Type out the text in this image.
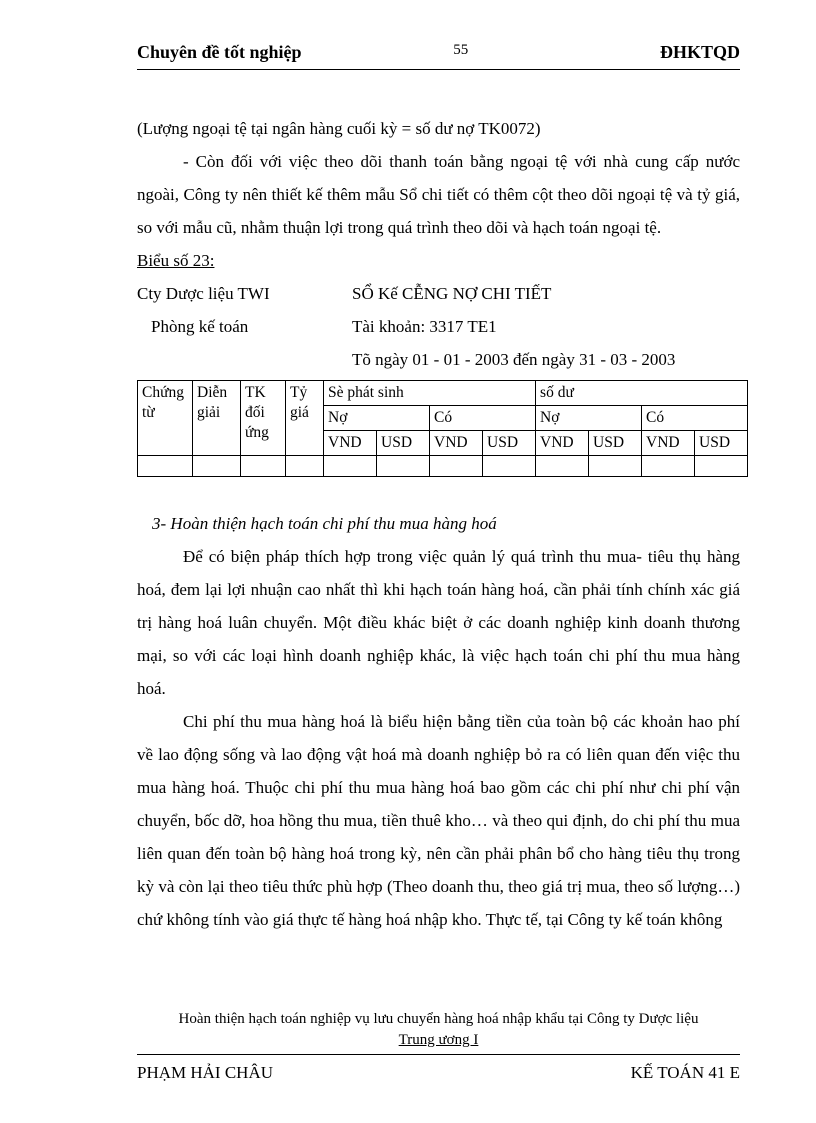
Chuyên đề tốt nghiệp	55	ĐHKTQD
(Lượng ngoại tệ tại ngân hàng cuối kỳ = số dư nợ TK0072)
- Còn đối với việc theo dõi thanh toán bằng ngoại tệ với nhà cung cấp nước ngoài, Công ty nên thiết kế thêm mẫu Sổ chi tiết có thêm cột theo dõi ngoại tệ và tỷ giá, so với mẫu cũ, nhằm thuận lợi trong quá trình theo dõi và hạch toán ngoại tệ.
Biểu số 23:
Cty Dược liệu TWI	SỔ Kế CỄNG NỢ CHI TIẾT
Phòng kế toán	Tài khoản: 3317 TE1
Tõ ngày 01 - 01 - 2003 đến ngày 31 - 03 - 2003
Chứng từ	Diễn giải	TK đối ứng	Tỷ giá	Sè phát sinh				số dư			
				Nợ		Có		Nợ		Có	
				VND	USD	VND	USD	VND	USD	VND	USD

3- Hoàn thiện hạch toán chi phí thu mua hàng hoá
Để có biện pháp thích hợp trong việc quản lý quá trình thu mua- tiêu thụ hàng hoá, đem lại lợi nhuận cao nhất thì khi hạch toán hàng hoá, cần phải tính chính xác giá trị hàng hoá luân chuyển. Một điều khác biệt ở các doanh nghiệp kinh doanh thương mại, so với các loại hình doanh nghiệp khác, là việc hạch toán chi phí thu mua hàng hoá.
Chi phí thu mua hàng hoá là biểu hiện bằng tiền của toàn bộ các khoản hao phí về lao động sống và lao động vật hoá mà doanh nghiệp bỏ ra có liên quan đến việc thu mua hàng hoá. Thuộc chi phí thu mua hàng hoá bao gồm các chi phí như chi phí vận chuyển, bốc dỡ, hoa hồng thu mua, tiền thuê kho… và theo qui định, do chi phí thu mua liên quan đến toàn bộ hàng hoá trong kỳ, nên cần phải phân bổ cho hàng tiêu thụ trong kỳ và còn lại theo tiêu thức phù hợp (Theo doanh thu, theo giá trị mua, theo số lượng…) chứ không tính vào giá thực tế hàng hoá nhập kho. Thực tế, tại Công ty kế toán không
Hoàn thiện hạch toán nghiệp vụ lưu chuyển hàng hoá nhập khẩu tại Công ty Dược liệu
Trung ương I
PHẠM HẢI CHÂU	KẾ TOÁN 41 E
